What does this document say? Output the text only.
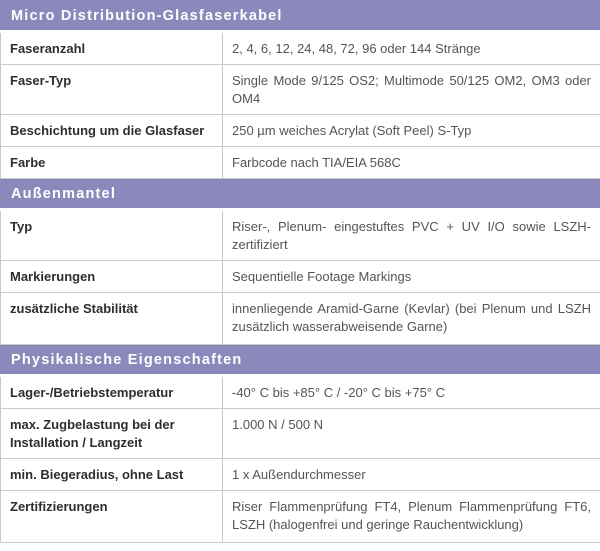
Micro Distribution-Glasfaserkabel	
Faseranzahl	2, 4, 6, 12, 24, 48, 72, 96 oder 144 Stränge
Faser-Typ	Single Mode 9/125 OS2; Multimode 50/125 OM2, OM3 oder OM4
Beschichtung um die Glasfaser	250 µm weiches Acrylat (Soft Peel) S-Typ
Farbe	Farbcode nach TIA/EIA 568C
Außenmantel	
Typ	Riser-, Plenum- eingestuftes PVC + UV I/O sowie LSZH-zertifiziert
Markierungen	Sequentielle Footage Markings
zusätzliche Stabilität	innenliegende Aramid-Garne (Kevlar) (bei Plenum und LSZH zusätzlich wasserabweisende Garne)
Physikalische Eigenschaften	
Lager-/Betriebstemperatur	-40° C bis +85° C / -20° C bis +75° C
max. Zugbelastung bei der Installation / Langzeit	1.000 N / 500 N
min. Biegeradius, ohne Last	1 x Außendurchmesser
Zertifizierungen	Riser Flammenprüfung FT4, Plenum Flammenprüfung FT6, LSZH (halogenfrei und geringe Rauchentwicklung)
